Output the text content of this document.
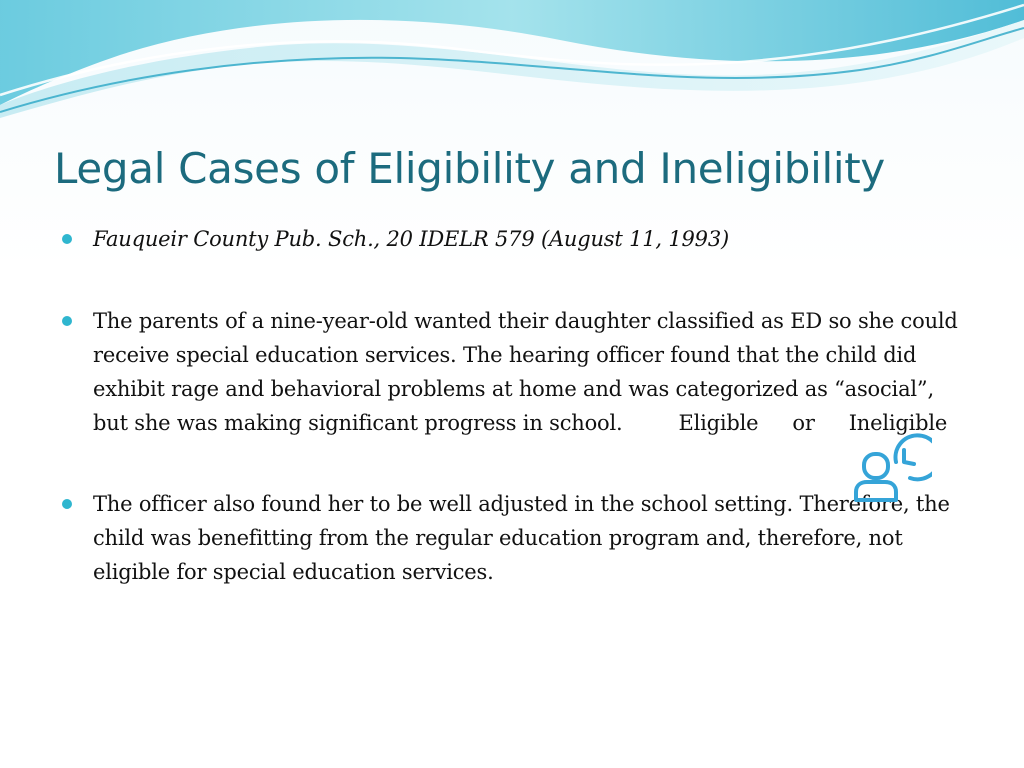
Legal Cases of Eligibility and Ineligibility
Fauqueir County Pub. Sch., 20 IDELR 579 (August 11, 1993)
The parents of a nine-year-old wanted their daughter classified as ED so she could receive special education services. The hearing officer found that the child did exhibit rage and behavioral problems at home and was categorized as “asocial”, but she was making significant progress in school.	Eligible or Ineligible
The officer also found her to be well adjusted in the school setting. Therefore, the child was benefitting from the regular education program and, therefore, not eligible for special education services.
